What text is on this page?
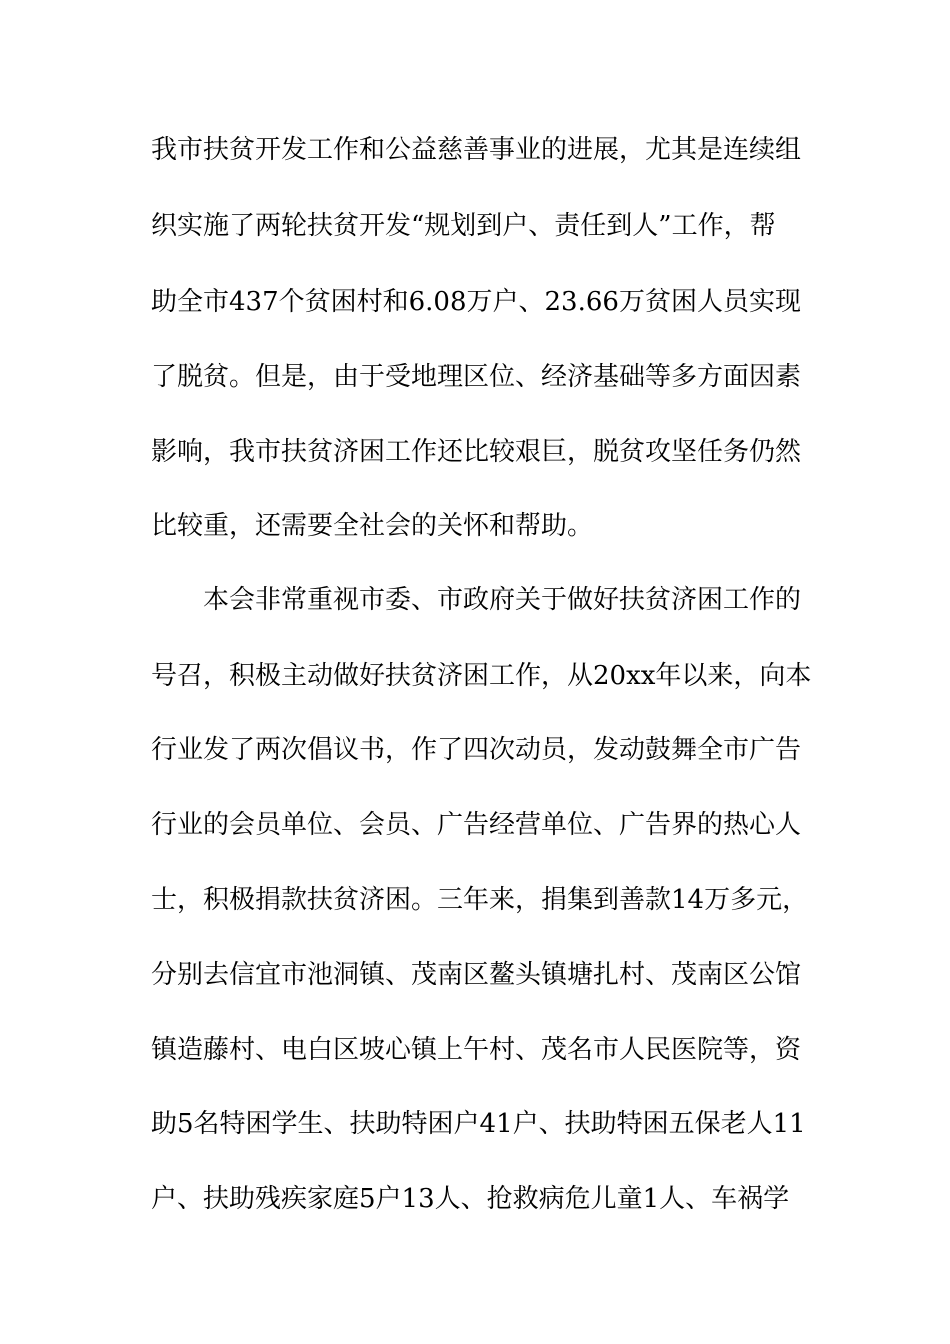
我市扶贫开发工作和公益慈善事业的进展，尤其是连续组
织实施了两轮扶贫开发“规划到户、责任到人”工作，帮
助全市437个贫困村和6.08万户、23.66万贫困人员实现
了脱贫。但是，由于受地理区位、经济基础等多方面因素
影响，我市扶贫济困工作还比较艰巨，脱贫攻坚任务仍然
比较重，还需要全社会的关怀和帮助。
本会非常重视市委、市政府关于做好扶贫济困工作的
号召，积极主动做好扶贫济困工作，从20xx年以来，向本
行业发了两次倡议书，作了四次动员，发动鼓舞全市广告
行业的会员单位、会员、广告经营单位、广告界的热心人
士，积极捐款扶贫济困。三年来，捐集到善款14万多元，
分别去信宜市池洞镇、茂南区鳌头镇塘扎村、茂南区公馆
镇造藤村、电白区坡心镇上午村、茂名市人民医院等，资
助5名特困学生、扶助特困户41户、扶助特困五保老人11
户、扶助残疾家庭5户13人、抢救病危儿童1人、车祸学
